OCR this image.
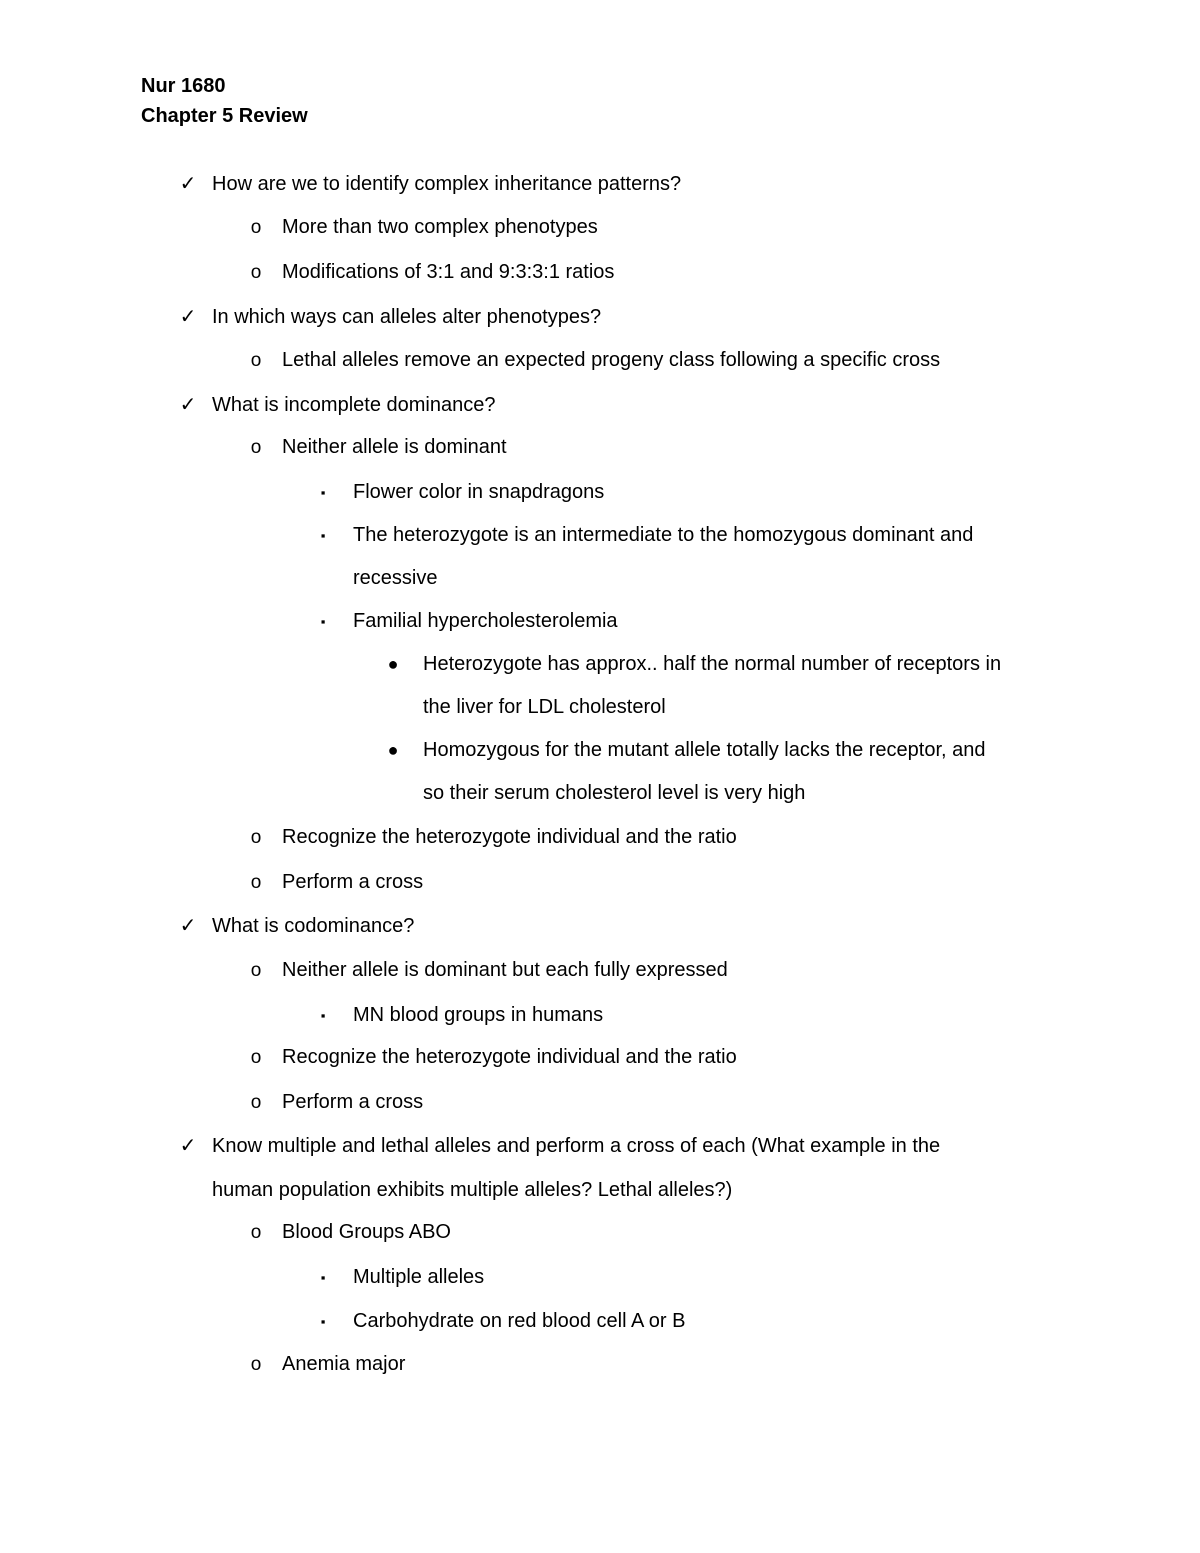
Nur 1680
Chapter 5 Review
✓ How are we to identify complex inheritance patterns?
o More than two complex phenotypes
o Modifications of 3:1 and 9:3:3:1 ratios
✓ In which ways can alleles alter phenotypes?
o Lethal alleles remove an expected progeny class following a specific cross
✓ What is incomplete dominance?
o Neither allele is dominant
▪ Flower color in snapdragons
▪ The heterozygote is an intermediate to the homozygous dominant and
recessive
▪ Familial hypercholesterolemia
● Heterozygote has approx.. half the normal number of receptors in
the liver for LDL cholesterol
● Homozygous for the mutant allele totally lacks the receptor, and
so their serum cholesterol level is very high
o Recognize the heterozygote individual and the ratio
o Perform a cross
✓ What is codominance?
o Neither allele is dominant but each fully expressed
▪ MN blood groups in humans
o Recognize the heterozygote individual and the ratio
o Perform a cross
✓ Know multiple and lethal alleles and perform a cross of each (What example in the
human population exhibits multiple alleles? Lethal alleles?)
o Blood Groups ABO
▪ Multiple alleles
▪ Carbohydrate on red blood cell A or B
o Anemia major
